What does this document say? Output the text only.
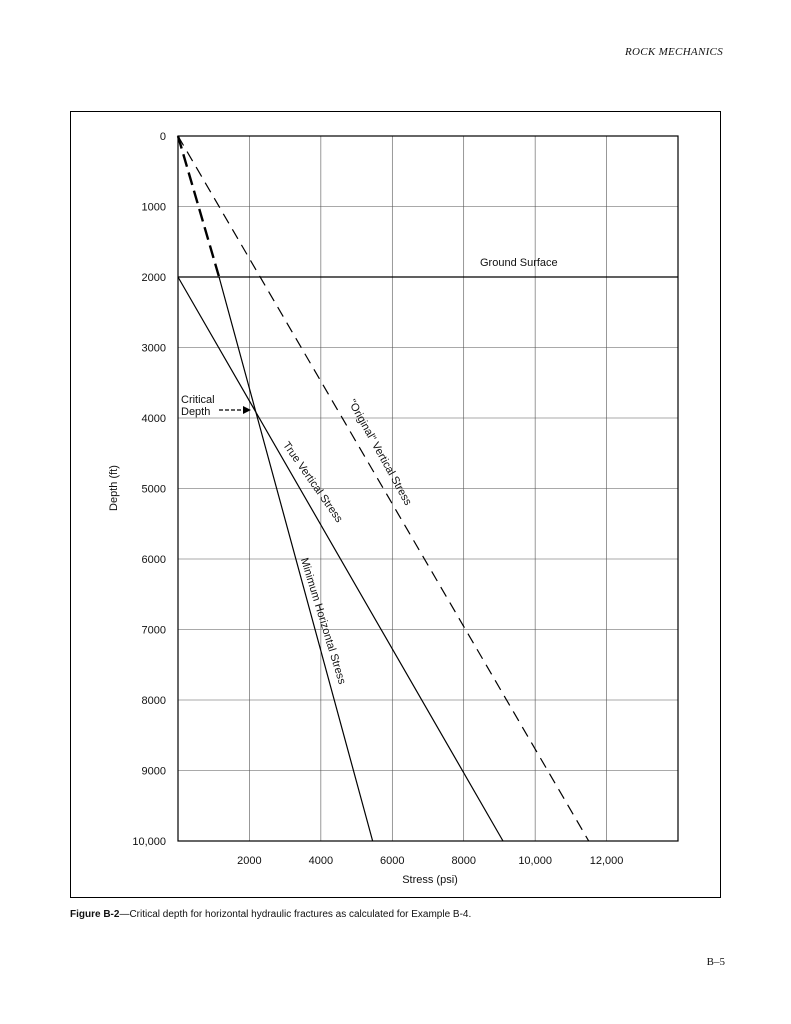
ROCK MECHANICS
2000	4000	6000	8000	10,000	12,000
0
1000
2000
3000
4000
5000
6000
7000
8000
9000
10,000
Stress (psi)
Depth (ft)	"Original" Vertical Stress
True Vertical Stress
Minimum Horizontal Stress
Ground Surface
Critical
Depth
Figure B-2—Critical depth for horizontal hydraulic fractures as calculated for Example B-4.
B–5
